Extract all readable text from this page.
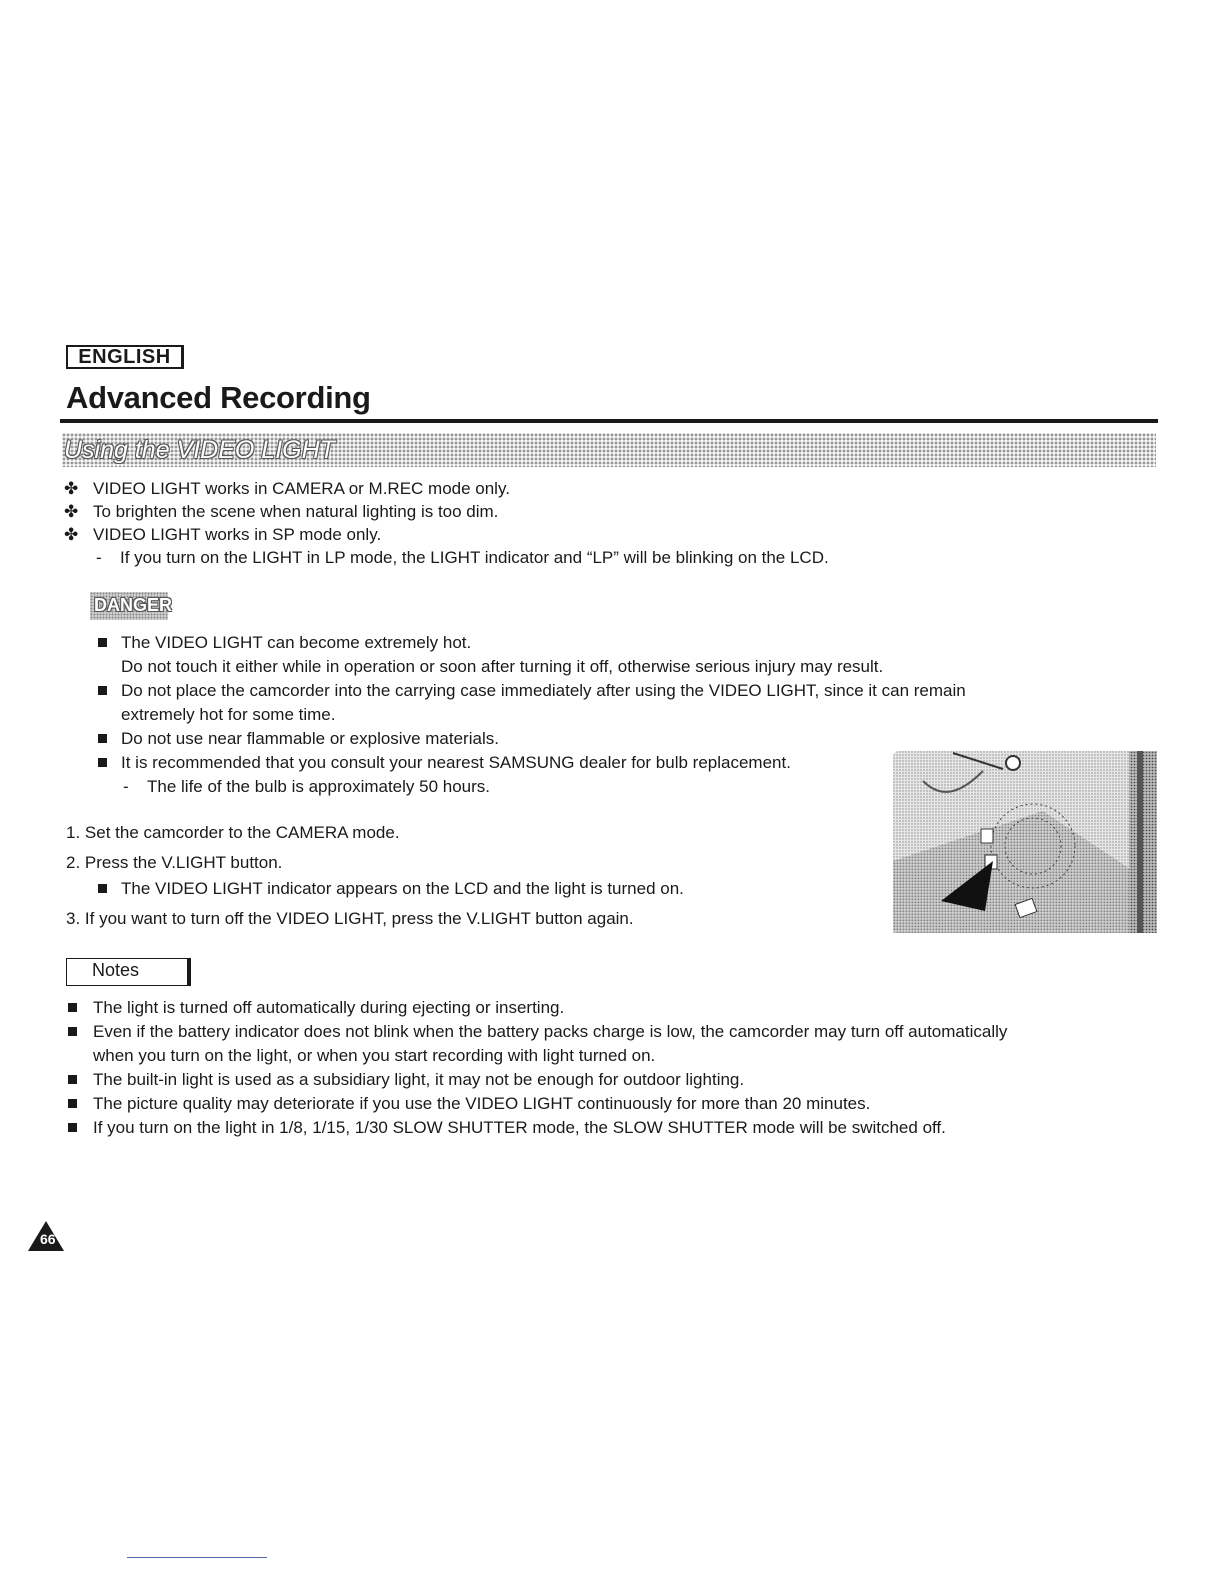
ENGLISH
Advanced Recording
Using the VIDEO LIGHT
✤ VIDEO LIGHT works in CAMERA or M.REC mode only.
✤ To brighten the scene when natural lighting is too dim.
✤ VIDEO LIGHT works in SP mode only.
- If you turn on the LIGHT in LP mode, the LIGHT indicator and “LP” will be blinking on the LCD.
DANGER
The VIDEO LIGHT can become extremely hot.
Do not touch it either while in operation or soon after turning it off, otherwise serious injury may result.
Do not place the camcorder into the carrying case immediately after using the VIDEO LIGHT, since it can remain
extremely hot for some time.
Do not use near flammable or explosive materials.
It is recommended that you consult your nearest SAMSUNG dealer for bulb replacement.
- The life of the bulb is approximately 50 hours.
1. Set the camcorder to the CAMERA mode.
2. Press the V.LIGHT button.
The VIDEO LIGHT indicator appears on the LCD and the light is turned on.
3. If you want to turn off the VIDEO LIGHT, press the V.LIGHT button again.
Notes
The light is turned off automatically during ejecting or inserting.
Even if the battery indicator does not blink when the battery packs charge is low, the camcorder may turn off automatically
when you turn on the light, or when you start recording with light turned on.
The built-in light is used as a subsidiary light, it may not be enough for outdoor lighting.
The picture quality may deteriorate if you use the VIDEO LIGHT continuously for more than 20 minutes.
If you turn on the light in 1/8, 1/15, 1/30 SLOW SHUTTER mode, the SLOW SHUTTER mode will be switched off.
66
